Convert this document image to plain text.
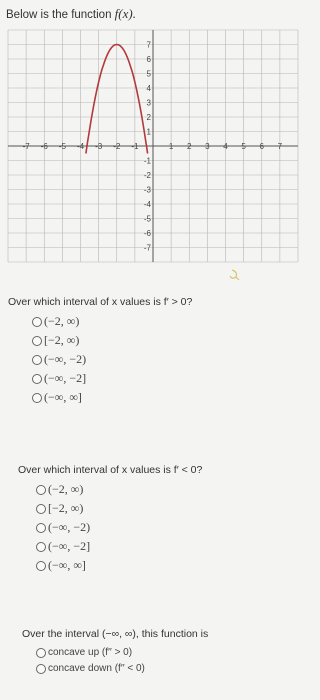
Below is the function f(x).
-7 -6 -5 -4 -3 -2 -1	1 2 3 4 5 6 7
7
6
5
4
3
2
1
-1
-2
-3
-4
-5
-6
-7
Over which interval of x values is f′ > 0?
(−2, ∞)
[−2, ∞)
(−∞, −2)
(−∞, −2]
(−∞, ∞]
Over which interval of x values is f′ < 0?
(−2, ∞)
[−2, ∞)
(−∞, −2)
(−∞, −2]
(−∞, ∞]
Over the interval (−∞, ∞), this function is
concave up (f′′ > 0)
concave down (f′′ < 0)
